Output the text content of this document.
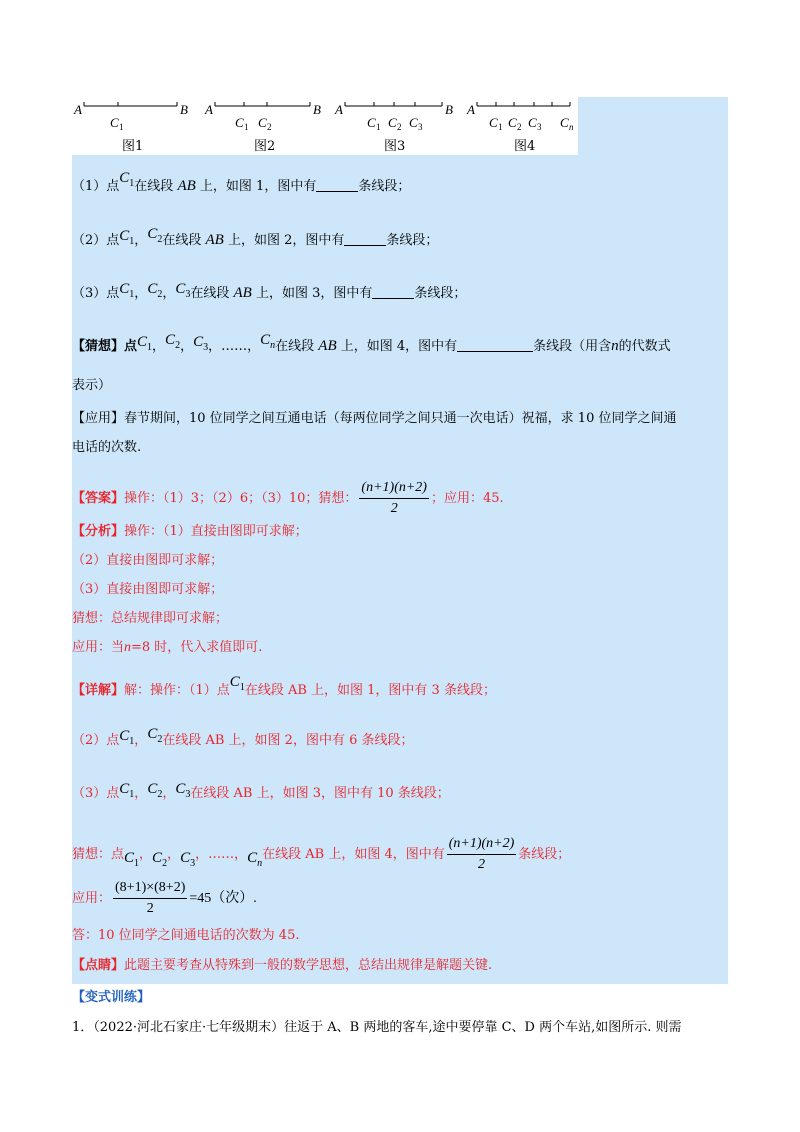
A	B
C 1
A	B
C 1 C 2
A	B
C 1 C 2 C 3
A
C 1 C 2 C 3 C n
图1	图2	图3	图4
（1）点$C_1$在线段 AB 上，如图 1，图中有	条线段；
（2）点$C_1$，$C_2$在线段 AB 上，如图 2，图中有	条线段；
（3）点$C_1$，$C_2$，$C_3$在线段 AB 上，如图 3，图中有	条线段；
【猜想】点$C_1$，$C_2$，$C_3$，……，$C_n$在线段 AB 上，如图 4，图中有	条线段（用含n的代数式
表示）
【应用】春节期间，10 位同学之间互通电话（每两位同学之间只通一次电话）祝福，求 10 位同学之间通
电话的次数.
【答案】操作：（1）3；（2）6；（3）10；猜想： $\frac{(n+1)(n+2)}{2}$ ；应用：45.
【分析】操作：（1）直接由图即可求解；
（2）直接由图即可求解；
（3）直接由图即可求解；
猜想：总结规律即可求解；
应用：当n=8 时，代入求值即可.
【详解】解：操作：（1）点$C_1$在线段 AB 上，如图 1，图中有 3 条线段；
（2）点$C_1$，$C_2$在线段 AB 上，如图 2，图中有 6 条线段；
（3）点$C_1$，$C_2$，$C_3$在线段 AB 上，如图 3，图中有 10 条线段；
猜想：点$C_1$，$C_2$，$C_3$，……，$C_n$在线段 AB 上，如图 4，图中有 $\frac{(n+1)(n+2)}{2}$ 条线段；
应用： $\frac{(8+1)\times(8+2)}{2} =45$（次）.
答：10 位同学之间通电话的次数为 45.
【点睛】此题主要考查从特殊到一般的数学思想，总结出规律是解题关键.
【变式训练】
1．（2022·河北石家庄·七年级期末）往返于 A、B 两地的客车,途中要停靠 C、D 两个车站,如图所示. 则需
